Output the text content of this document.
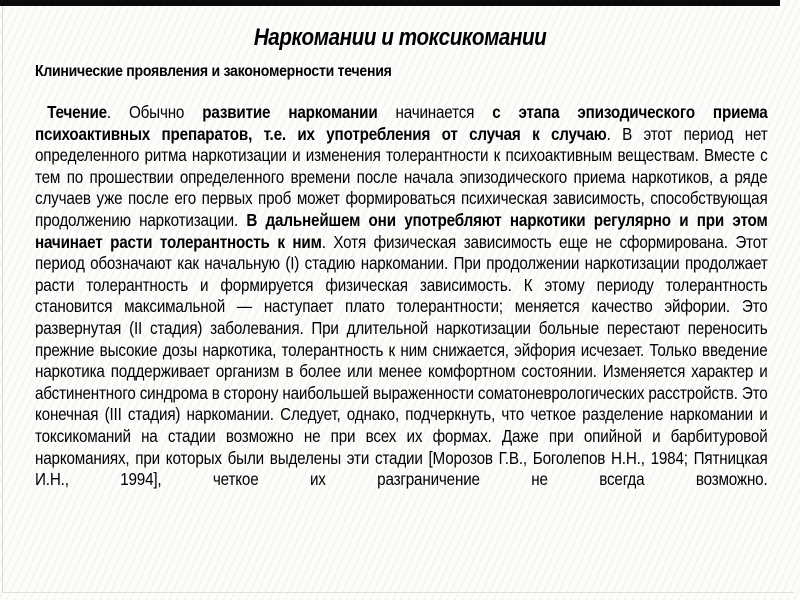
Наркомании и токсикомании
Клинические проявления и закономерности течения
Течение. Обычно развитие наркомании начинается с этапа эпизодического приема психоактивных препаратов, т.е. их употребления от случая к случаю. В этот период нет определенного ритма наркотизации и изменения толерантности к психоактивным веществам. Вместе с тем по прошествии определенного времени после начала эпизодического приема наркотиков, а ряде случаев уже после его первых проб может формироваться психическая зависимость, способствующая продолжению наркотизации. В дальнейшем они употребляют наркотики регулярно и при этом начинает расти толерантность к ним. Хотя физическая зависимость еще не сформирована. Этот период обозначают как начальную (I) стадию наркомании. При продолжении наркотизации продолжает расти толерантность и формируется физическая зависимость. К этому периоду толерантность становится максимальной — наступает плато толерантности; меняется качество эйфории. Это развернутая (II стадия) заболевания. При длительной наркотизации больные перестают переносить прежние высокие дозы наркотика, толерантность к ним снижается, эйфория исчезает. Только введение наркотика поддерживает организм в более или менее комфортном состоянии. Изменяется характер и абстинентного синдрома в сторону наибольшей выраженности соматоневрологических расстройств. Это конечная (III стадия) наркомании. Следует, однако, подчеркнуть, что четкое разделение наркомании и токсикоманий на стадии возможно не при всех их формах. Даже при опийной и барбитуровой наркоманиях, при которых были выделены эти стадии [Морозов Г.В., Боголепов Н.Н., 1984; Пятницкая И.Н., 1994], четкое их разграничение не всегда возможно.
